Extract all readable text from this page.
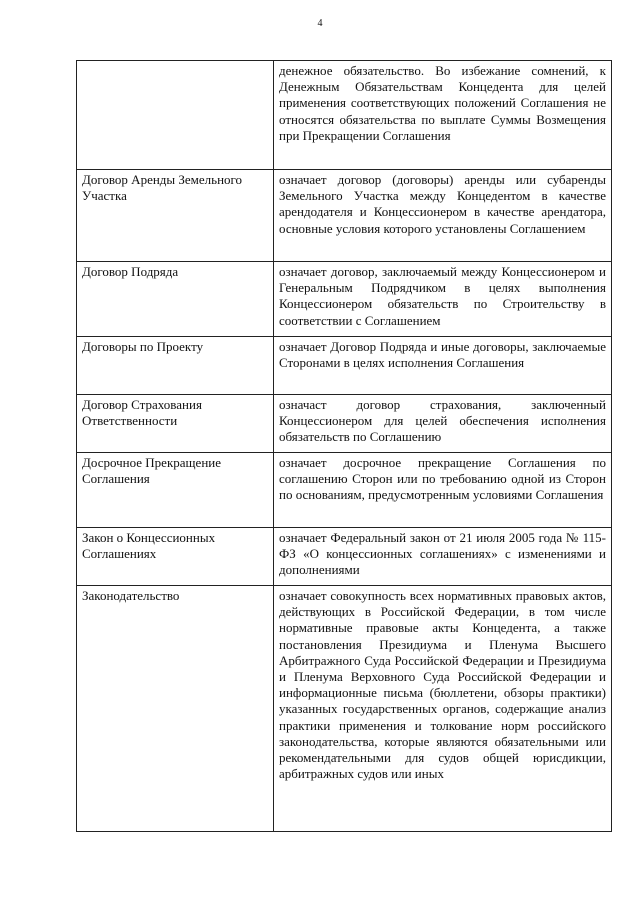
4
	денежное обязательство. Во избежание сомнений, к Денежным Обязательствам Концедента для целей применения соответствующих положений Соглашения не относятся обязательства по выплате Суммы Возмещения при Прекращении Соглашения
Договор Аренды Земельного Участка	означает договор (договоры) аренды или субаренды Земельного Участка между Концедентом в качестве арендодателя и Концессионером в качестве арендатора, основные условия которого установлены Соглашением
Договор Подряда	означает договор, заключаемый между Концессионером и Генеральным Подрядчиком в целях выполнения Концессионером обязательств по Строительству в соответствии с Соглашением
Договоры по Проекту	означает Договор Подряда и иные договоры, заключаемые Сторонами в целях исполнения Соглашения
Договор Страхования Ответственности	означаст договор страхования, заключенный Концессионером для целей обеспечения исполнения обязательств по Соглашению
Досрочное Прекращение Соглашения	означает досрочное прекращение Соглашения по соглашению Сторон или по требованию одной из Сторон по основаниям, предусмотренным условиями Соглашения
Закон о Концессионных Соглашениях	означает Федеральный закон от 21 июля 2005 года № 115-ФЗ «О концессионных соглашениях» с изменениями и дополнениями
Законодательство	означает совокупность всех нормативных правовых актов, действующих в Российской Федерации, в том числе нормативные правовые акты Концедента, а также постановления Президиума и Пленума Высшего Арбитражного Суда Российской Федерации и Президиума и Пленума Верховного Суда Российской Федерации и информационные письма (бюллетени, обзоры практики) указанных государственных органов, содержащие анализ практики применения и толкование норм российского законодательства, которые являются обязательными или рекомендательными для судов общей юрисдикции, арбитражных судов или иных
